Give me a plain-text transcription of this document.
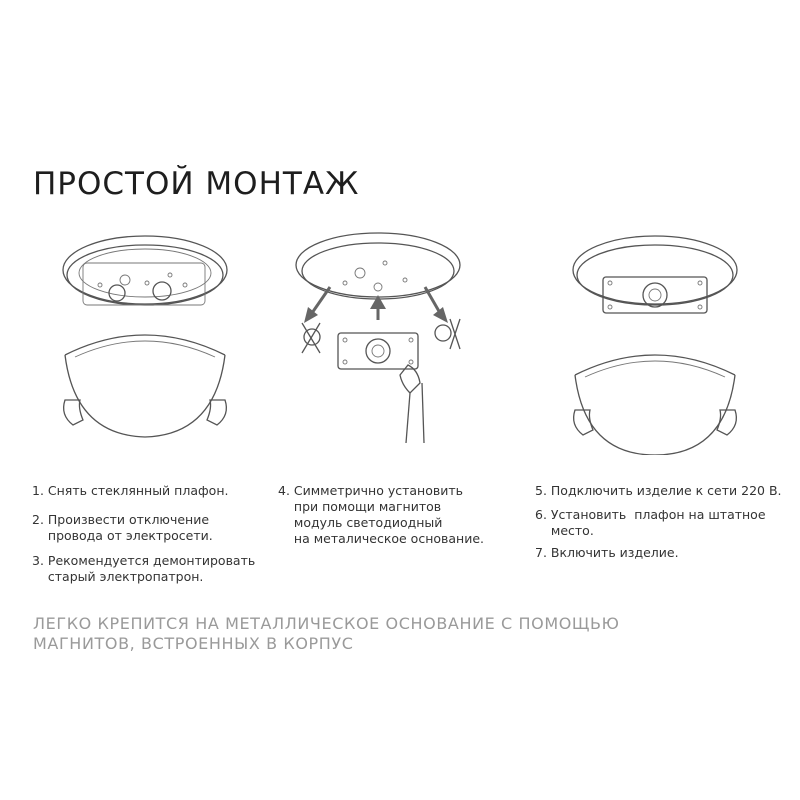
ПРОСТОЙ МОНТАЖ
1. Снять стеклянный плафон.
2. Произвести отключение
провода от электросети.
3. Рекомендуется демонтировать
старый электропатрон.
4. Симметрично установить
при помощи магнитов
модуль светодиодный
на металическое основание.
5. Подключить изделие к сети 220 В.
6. Установить  плафон на штатное
место.
7. Включить изделие.
ЛЕГКО КРЕПИТСЯ НА МЕТАЛЛИЧЕСКОЕ ОСНОВАНИЕ С ПОМОЩЬЮ
МАГНИТОВ, ВСТРОЕННЫХ В КОРПУС
